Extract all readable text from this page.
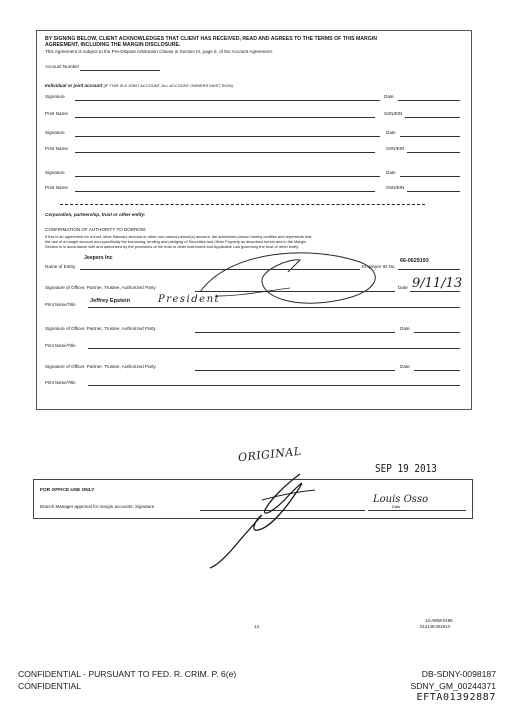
BY SIGNING BELOW, CLIENT ACKNOWLEDGES THAT CLIENT HAS RECEIVED, READ AND AGREES TO THE TERMS OF THIS MARGIN
AGREEMENT, INCLUDING THE MARGIN DISCLOSURE.
This Agreement is subject to the Pre-Dispute Arbitration Clause in Section III, page 5, of the Account Agreement.
Account Number
Individual or joint account (IF THIS IS A JOINT ACCOUNT, ALL ACCOUNT OWNERS MUST SIGN)
Signature	Date
Print Name	SSN/EIN
Signature	Date
Print Name	SSN/EIN
Signature	Date
Print Name	SSN/EIN
Corporation, partnership, trust or other entity:
CONFIRMATION OF AUTHORITY TO BORROW:
If this is an agreement for a trust, other fiduciary account or other non-natural person(s) account, the authorized person hereby certifies and represents that
the use of a margin account and specifically the borrowing, lending and pledging of Securities and Other Property as described herein and in the Margin
Section is in accordance with and authorized by the provisions of the trust or other instrument and Applicable Law governing the trust or other entity.
Jeepers Inc
Name of Entity	Employer ID No.
66-0629193
Signature of Officer, Partner, Trustee, Authorized Party	Date 9/11/13
Print Name/Title
Jeffrey Epstein	President
Signature of Officer, Partner, Trustee, Authorized Party	Date
Print Name/Title
Signature of Officer, Partner, Trustee, Authorized Party	Date
Print Name/Title
ORIGINAL
SEP 19 2013
FOR OFFICE USE ONLY
Branch Manager approval for margin accounts: Signature
Louis Osso
Date
14
13-AWM-0195
012145.002813
CONFIDENTIAL - PURSUANT TO FED. R. CRIM. P. 6(e)
CONFIDENTIAL
DB-SDNY-0098187
SDNY_GM_00244371
EFTA01392887
